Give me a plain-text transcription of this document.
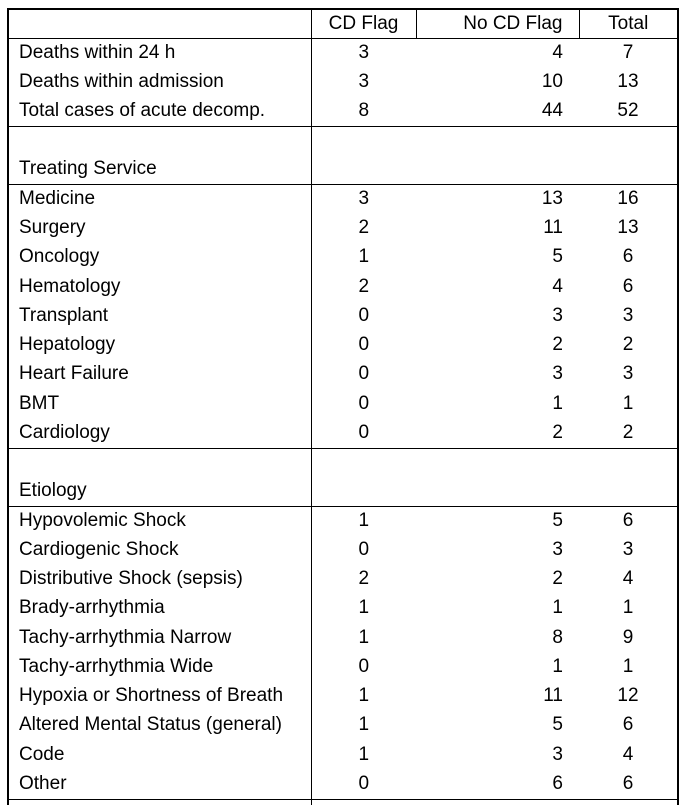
	CD Flag	No CD Flag	Total
Deaths within 24 h	3	4	7
Deaths within admission	3	10	13
Total cases of acute decomp.	8	44	52
Treating Service			
Medicine	3	13	16
Surgery	2	11	13
Oncology	1	5	6
Hematology	2	4	6
Transplant	0	3	3
Hepatology	0	2	2
Heart Failure	0	3	3
BMT	0	1	1
Cardiology	0	2	2
Etiology			
Hypovolemic Shock	1	5	6
Cardiogenic Shock	0	3	3
Distributive Shock (sepsis)	2	2	4
Brady-arrhythmia	1	1	1
Tachy-arrhythmia Narrow	1	8	9
Tachy-arrhythmia Wide	0	1	1
Hypoxia or Shortness of Breath	1	11	12
Altered Mental Status (general)	1	5	6
Code	1	3	4
Other	0	6	6
